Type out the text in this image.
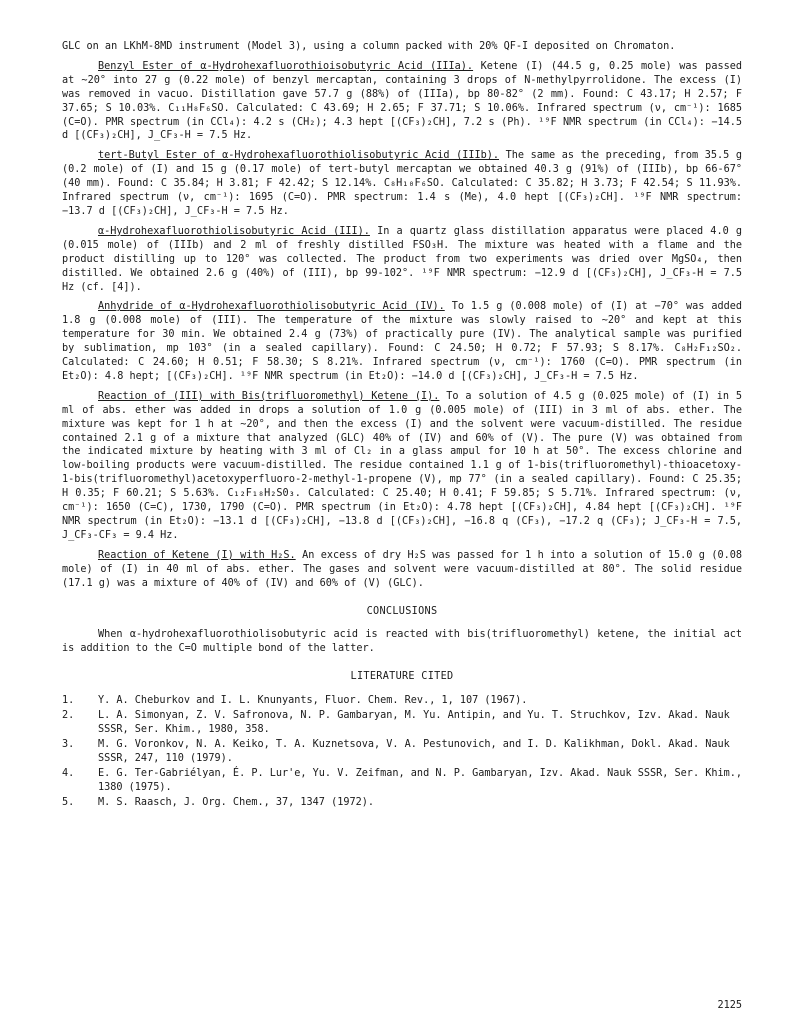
GLC on an LKhM-8MD instrument (Model 3), using a column packed with 20% QF-I deposited on Chromaton.

Benzyl Ester of α-Hydrohexafluorothioisobutyric Acid (IIIa). Ketene (I) (44.5 g, 0.25 mole) was passed at ~20° into 27 g (0.22 mole) of benzyl mercaptan, containing 3 drops of N-methylpyrrolidone. The excess (I) was removed in vacuo. Distillation gave 57.7 g (88%) of (IIIa), bp 80-82° (2 mm). Found: C 43.17; H 2.57; F 37.65; S 10.03%. C₁₁H₈F₆SO. Calculated: C 43.69; H 2.65; F 37.71; S 10.06%. Infrared spectrum (ν, cm⁻¹): 1685 (C=O). PMR spectrum (in CCl₄): 4.2 s (CH₂); 4.3 hept [(CF₃)₂CH], 7.2 s (Ph). ¹⁹F NMR spectrum (in CCl₄): −14.5 d [(CF₃)₂CH], J_CF₃-H = 7.5 Hz.

tert-Butyl Ester of α-Hydrohexafluorothiolisobutyric Acid (IIIb). The same as the preceding, from 35.5 g (0.2 mole) of (I) and 15 g (0.17 mole) of tert-butyl mercaptan we obtained 40.3 g (91%) of (IIIb), bp 66-67° (40 mm). Found: C 35.84; H 3.81; F 42.42; S 12.14%. C₈H₁₀F₆SO. Calculated: C 35.82; H 3.73; F 42.54; S 11.93%. Infrared spectrum (ν, cm⁻¹): 1695 (C=O). PMR spectrum: 1.4 s (Me), 4.0 hept [(CF₃)₂CH]. ¹⁹F NMR spectrum: −13.7 d [(CF₃)₂CH], J_CF₃-H = 7.5 Hz.

α-Hydrohexafluorothiolisobutyric Acid (III). In a quartz glass distillation apparatus were placed 4.0 g (0.015 mole) of (IIIb) and 2 ml of freshly distilled FSO₃H. The mixture was heated with a flame and the product distilling up to 120° was collected. The product from two experiments was dried over MgSO₄, then distilled. We obtained 2.6 g (40%) of (III), bp 99-102°. ¹⁹F NMR spectrum: −12.9 d [(CF₃)₂CH], J_CF₃-H = 7.5 Hz (cf. [4]).

Anhydride of α-Hydrohexafluorothiolisobutyric Acid (IV). To 1.5 g (0.008 mole) of (I) at −70° was added 1.8 g (0.008 mole) of (III). The temperature of the mixture was slowly raised to ~20° and kept at this temperature for 30 min. We obtained 2.4 g (73%) of practically pure (IV). The analytical sample was purified by sublimation, mp 103° (in a sealed capillary). Found: C 24.50; H 0.72; F 57.93; S 8.17%. C₈H₂F₁₂SO₂. Calculated: C 24.60; H 0.51; F 58.30; S 8.21%. Infrared spectrum (ν, cm⁻¹): 1760 (C=O). PMR spectrum (in Et₂O): 4.8 hept; [(CF₃)₂CH]. ¹⁹F NMR spectrum (in Et₂O): −14.0 d [(CF₃)₂CH], J_CF₃-H = 7.5 Hz.

Reaction of (III) with Bis(trifluoromethyl) Ketene (I). To a solution of 4.5 g (0.025 mole) of (I) in 5 ml of abs. ether was added in drops a solution of 1.0 g (0.005 mole) of (III) in 3 ml of abs. ether. The mixture was kept for 1 h at ~20°, and then the excess (I) and the solvent were vacuum-distilled. The residue contained 2.1 g of a mixture that analyzed (GLC) 40% of (IV) and 60% of (V). The pure (V) was obtained from the indicated mixture by heating with 3 ml of Cl₂ in a glass ampul for 10 h at 50°. The excess chlorine and low-boiling products were vacuum-distilled. The residue contained 1.1 g of 1-bis(trifluoromethyl)-thioacetoxy-1-bis(trifluoromethyl)acetoxyperfluoro-2-methyl-1-propene (V), mp 77° (in a sealed capillary). Found: C 25.35; H 0.35; F 60.21; S 5.63%. C₁₂F₁₈H₂S0₃. Calculated: C 25.40; H 0.41; F 59.85; S 5.71%. Infrared spectrum: (ν, cm⁻¹): 1650 (C=C), 1730, 1790 (C=O). PMR spectrum (in Et₂O): 4.78 hept [(CF₃)₂CH], 4.84 hept [(CF₃)₂CH]. ¹⁹F NMR spectrum (in Et₂O): −13.1 d [(CF₃)₂CH], −13.8 d [(CF₃)₂CH], −16.8 q (CF₃), −17.2 q (CF₃); J_CF₃-H = 7.5, J_CF₃-CF₃ = 9.4 Hz.

Reaction of Ketene (I) with H₂S. An excess of dry H₂S was passed for 1 h into a solution of 15.0 g (0.08 mole) of (I) in 40 ml of abs. ether. The gases and solvent were vacuum-distilled at 80°. The solid residue (17.1 g) was a mixture of 40% of (IV) and 60% of (V) (GLC).

CONCLUSIONS

When α-hydrohexafluorothiolisobutyric acid is reacted with bis(trifluoromethyl) ketene, the initial act is addition to the C=O multiple bond of the latter.

LITERATURE CITED
1.	Y. A. Cheburkov and I. L. Knunyants, Fluor. Chem. Rev., 1, 107 (1967).
2.	L. A. Simonyan, Z. V. Safronova, N. P. Gambaryan, M. Yu. Antipin, and Yu. T. Struchkov, Izv. Akad. Nauk SSSR, Ser. Khim., 1980, 358.
3.	M. G. Voronkov, N. A. Keiko, T. A. Kuznetsova, V. A. Pestunovich, and I. D. Kalikhman, Dokl. Akad. Nauk SSSR, 247, 110 (1979).
4.	E. G. Ter-Gabriélyan, É. P. Lur'e, Yu. V. Zeifman, and N. P. Gambaryan, Izv. Akad. Nauk SSSR, Ser. Khim., 1380 (1975).
5.	M. S. Raasch, J. Org. Chem., 37, 1347 (1972).
2125
